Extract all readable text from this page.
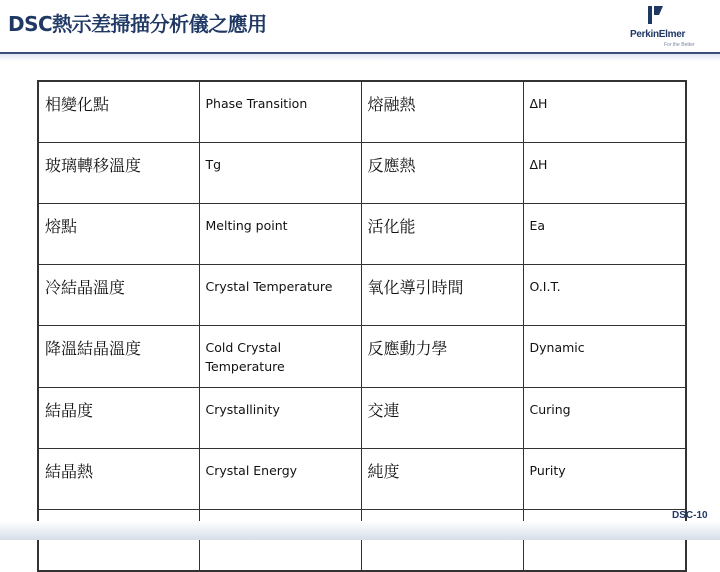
DSC熱示差掃描分析儀之應用	PerkinElmer
For the Better
相變化點	Phase Transition	熔融熱	ΔH
玻璃轉移溫度	Tg	反應熱	ΔH
熔點	Melting point	活化能	Ea
冷結晶溫度	Crystal Temperature	氧化導引時間	O.I.T.
降溫結晶溫度	Cold Crystal Temperature	反應動力學	Dynamic
結晶度	Crystallinity	交連	Curing
結晶熱	Crystal Energy	純度	Purity

DSC-10
